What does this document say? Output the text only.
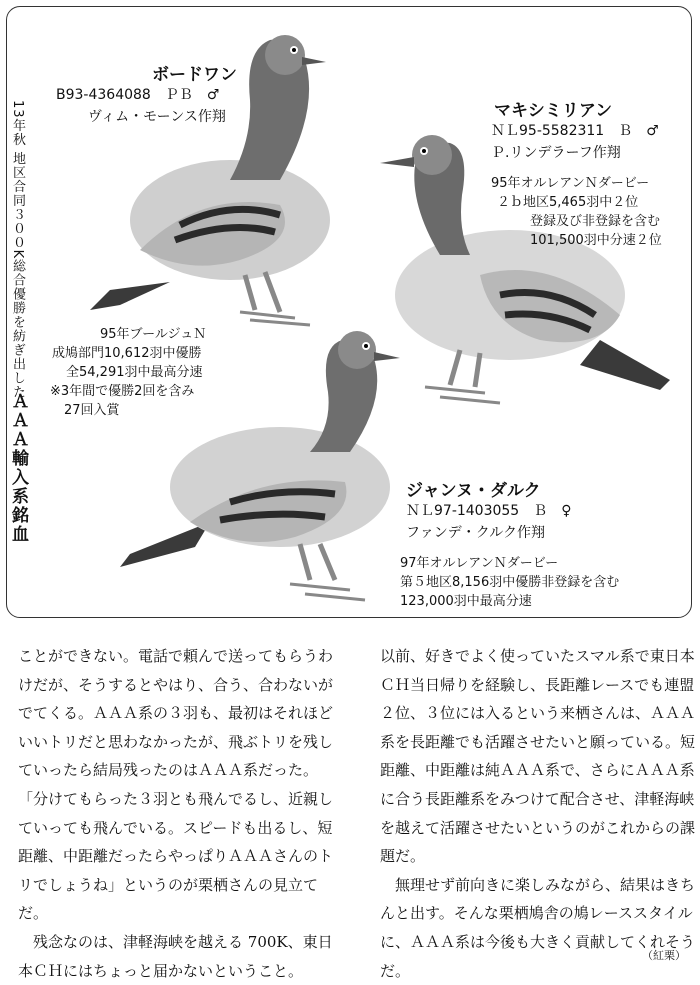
13年秋 地区合同３００K総合優勝を紡ぎ出した
ＡＡＡ輸入系銘血
ボードワン
B93-4364088　ＰＢ　♂
ヴィム・モーンス作翔
95年ブールジュＮ
成鳩部門10,612羽中優勝
全54,291羽中最高分速
※3年間で優勝2回を含み
27回入賞
マキシミリアン
ＮＬ95-5582311　Ｂ　♂
Ｐ.リンデラーフ作翔
95年オルレアンＮダービー
２ｂ地区5,465羽中２位
登録及び非登録を含む
101,500羽中分速２位
ジャンヌ・ダルク
ＮＬ97-1403055　Ｂ　♀
ファンデ・クルク作翔
97年オルレアンＮダービー
第５地区8,156羽中優勝非登録を含む
123,000羽中最高分速

ことができない。電話で頼んで送ってもらうわけだが、そうするとやはり、合う、合わないがでてくる。ＡＡＡ系の３羽も、最初はそれほどいいトリだと思わなかったが、飛ぶトリを残していったら結局残ったのはＡＡＡ系だった。「分けてもらった３羽とも飛んでるし、近親していっても飛んでいる。スピードも出るし、短距離、中距離だったらやっぱりＡＡＡさんのトリでしょうね」というのが栗栖さんの見立てだ。

残念なのは、津軽海峡を越える 700K、東日本ＣＨにはちょっと届かないということ。

以前、好きでよく使っていたスマル系で東日本ＣＨ当日帰りを経験し、長距離レースでも連盟２位、３位には入るという来栖さんは、ＡＡＡ系を長距離でも活躍させたいと願っている。短距離、中距離は純ＡＡＡ系で、さらにＡＡＡ系に合う長距離系をみつけて配合させ、津軽海峡を越えて活躍させたいというのがこれからの課題だ。

無理せず前向きに楽しみながら、結果はきちんと出す。そんな栗栖鳩舎の鳩レーススタイルに、ＡＡＡ系は今後も大きく貢献してくれそうだ。

（紅栗）
